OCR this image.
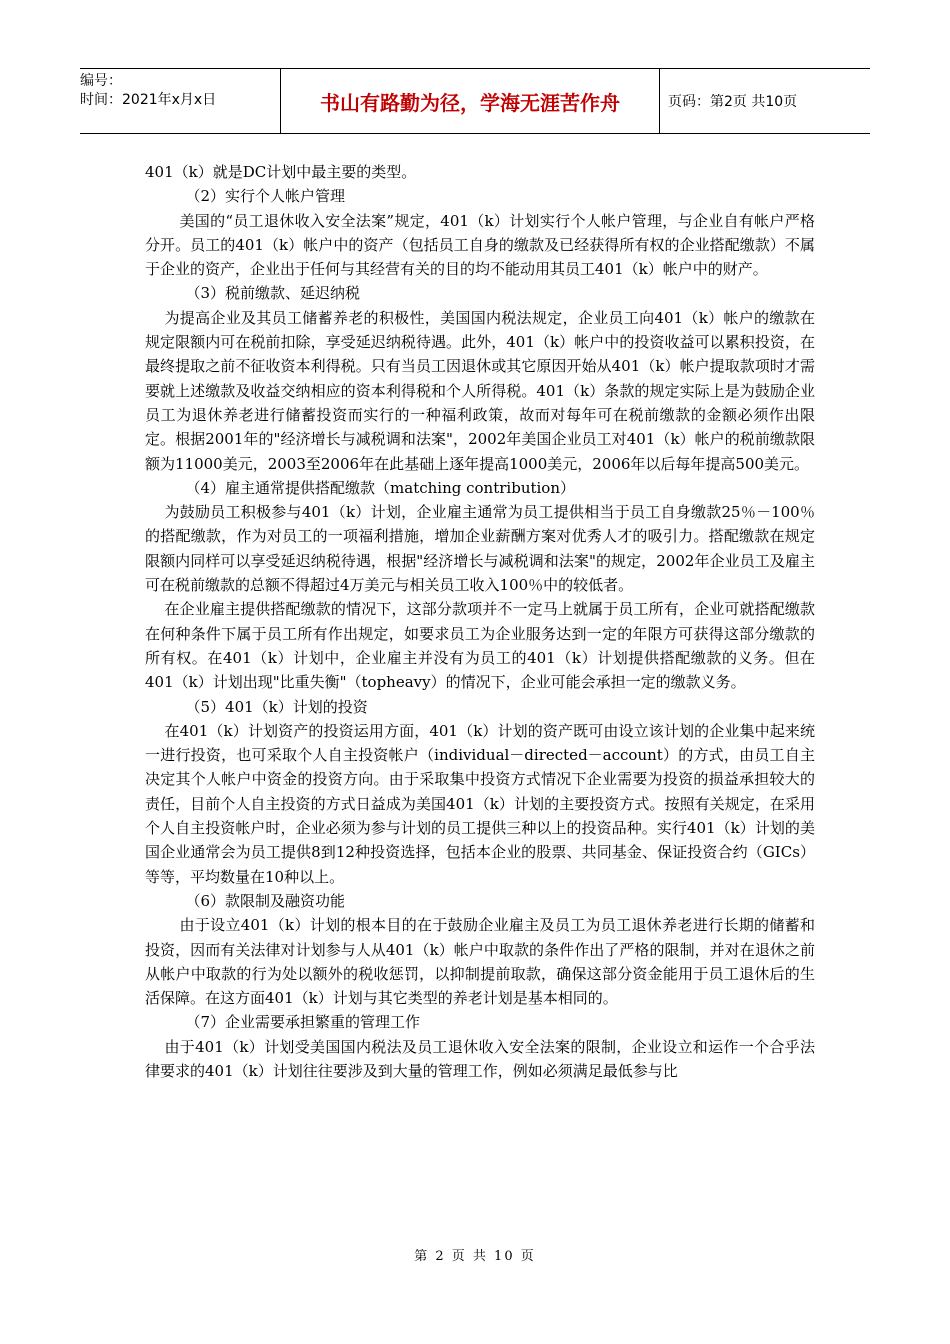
编号：
时间：2021年x月x日	书山有路勤为径，学海无涯苦作舟	页码：第2页 共10页

401（k）就是DC计划中最主要的类型。

（2）实行个人帐户管理

美国的“员工退休收入安全法案”规定，401（k）计划实行个人帐户管理，与企业自有帐户严格分开。员工的401（k）帐户中的资产（包括员工自身的缴款及已经获得所有权的企业搭配缴款）不属于企业的资产，企业出于任何与其经营有关的目的均不能动用其员工401（k）帐户中的财产。

（3）税前缴款、延迟纳税

为提高企业及其员工储蓄养老的积极性，美国国内税法规定，企业员工向401（k）帐户的缴款在规定限额内可在税前扣除，享受延迟纳税待遇。此外，401（k）帐户中的投资收益可以累积投资，在最终提取之前不征收资本利得税。只有当员工因退休或其它原因开始从401（k）帐户提取款项时才需要就上述缴款及收益交纳相应的资本利得税和个人所得税。401（k）条款的规定实际上是为鼓励企业员工为退休养老进行储蓄投资而实行的一种福利政策，故而对每年可在税前缴款的金额必须作出限定。根据2001年的"经济增长与减税调和法案"，2002年美国企业员工对401（k）帐户的税前缴款限额为11000美元，2003至2006年在此基础上逐年提高1000美元，2006年以后每年提高500美元。

（4）雇主通常提供搭配缴款（matching contribution）

为鼓励员工积极参与401（k）计划，企业雇主通常为员工提供相当于员工自身缴款25％－100％的搭配缴款，作为对员工的一项福利措施，增加企业薪酬方案对优秀人才的吸引力。搭配缴款在规定限额内同样可以享受延迟纳税待遇，根据"经济增长与减税调和法案"的规定，2002年企业员工及雇主可在税前缴款的总额不得超过4万美元与相关员工收入100％中的较低者。

在企业雇主提供搭配缴款的情况下，这部分款项并不一定马上就属于员工所有，企业可就搭配缴款在何种条件下属于员工所有作出规定，如要求员工为企业服务达到一定的年限方可获得这部分缴款的所有权。在401（k）计划中，企业雇主并没有为员工的401（k）计划提供搭配缴款的义务。但在401（k）计划出现"比重失衡"（topheavy）的情况下，企业可能会承担一定的缴款义务。

（5）401（k）计划的投资

在401（k）计划资产的投资运用方面，401（k）计划的资产既可由设立该计划的企业集中起来统一进行投资，也可采取个人自主投资帐户（individual－directed－account）的方式，由员工自主决定其个人帐户中资金的投资方向。由于采取集中投资方式情况下企业需要为投资的损益承担较大的责任，目前个人自主投资的方式日益成为美国401（k）计划的主要投资方式。按照有关规定，在采用个人自主投资帐户时，企业必须为参与计划的员工提供三种以上的投资品种。实行401（k）计划的美国企业通常会为员工提供8到12种投资选择，包括本企业的股票、共同基金、保证投资合约（GICs）等等，平均数量在10种以上。

（6）款限制及融资功能

由于设立401（k）计划的根本目的在于鼓励企业雇主及员工为员工退休养老进行长期的储蓄和投资，因而有关法律对计划参与人从401（k）帐户中取款的条件作出了严格的限制，并对在退休之前从帐户中取款的行为处以额外的税收惩罚，以抑制提前取款，确保这部分资金能用于员工退休后的生活保障。在这方面401（k）计划与其它类型的养老计划是基本相同的。

（7）企业需要承担繁重的管理工作

由于401（k）计划受美国国内税法及员工退休收入安全法案的限制，企业设立和运作一个合乎法律要求的401（k）计划往往要涉及到大量的管理工作，例如必须满足最低参与比

第 2 页 共 10 页
